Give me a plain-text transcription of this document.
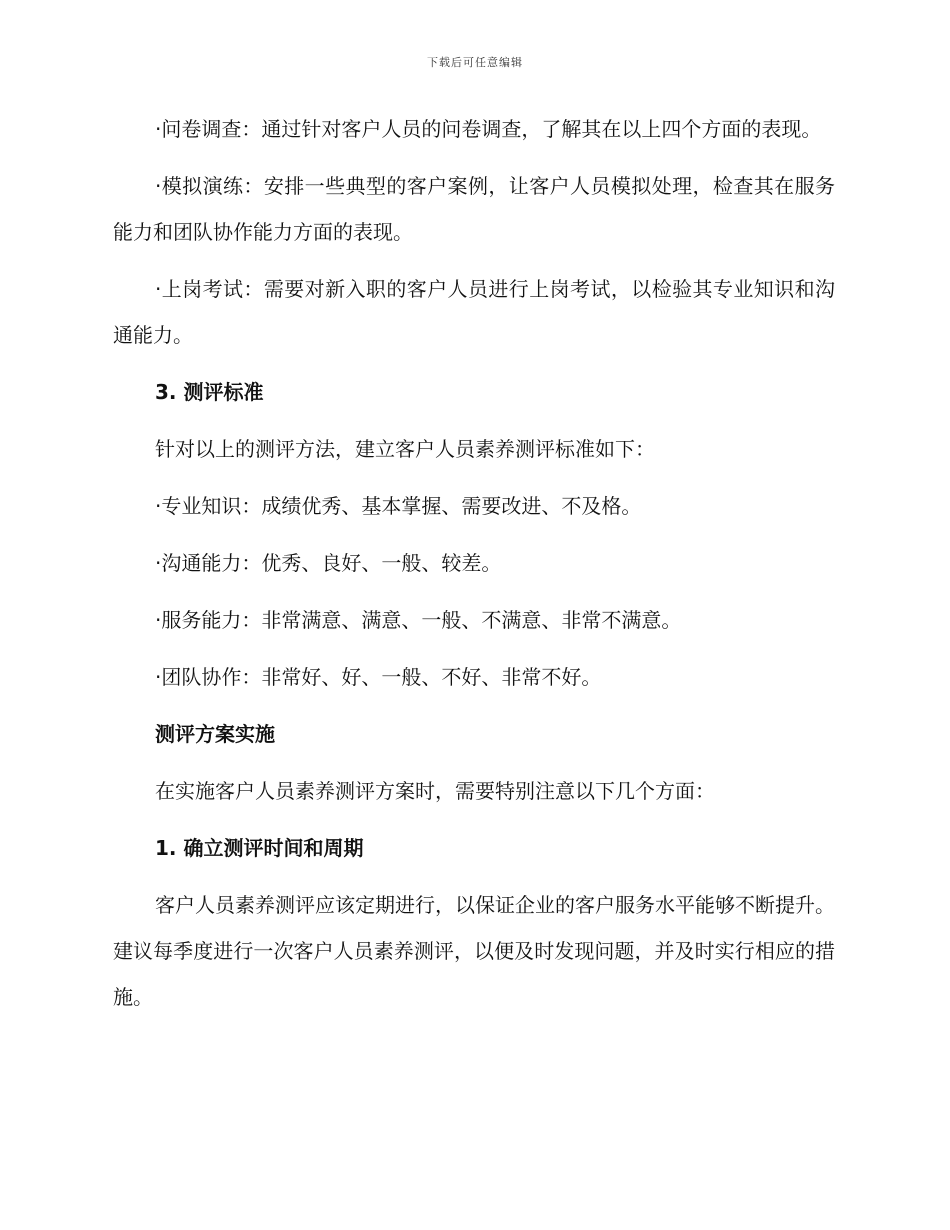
下载后可任意编辑

·问卷调查：通过针对客户人员的问卷调查，了解其在以上四个方面的表现。

·模拟演练：安排一些典型的客户案例，让客户人员模拟处理，检查其在服务能力和团队协作能力方面的表现。

·上岗考试：需要对新入职的客户人员进行上岗考试，以检验其专业知识和沟通能力。

3. 测评标准

针对以上的测评方法，建立客户人员素养测评标准如下：

·专业知识：成绩优秀、基本掌握、需要改进、不及格。

·沟通能力：优秀、良好、一般、较差。

·服务能力：非常满意、满意、一般、不满意、非常不满意。

·团队协作：非常好、好、一般、不好、非常不好。

测评方案实施

在实施客户人员素养测评方案时，需要特别注意以下几个方面：

1. 确立测评时间和周期

客户人员素养测评应该定期进行，以保证企业的客户服务水平能够不断提升。建议每季度进行一次客户人员素养测评，以便及时发现问题，并及时实行相应的措施。
